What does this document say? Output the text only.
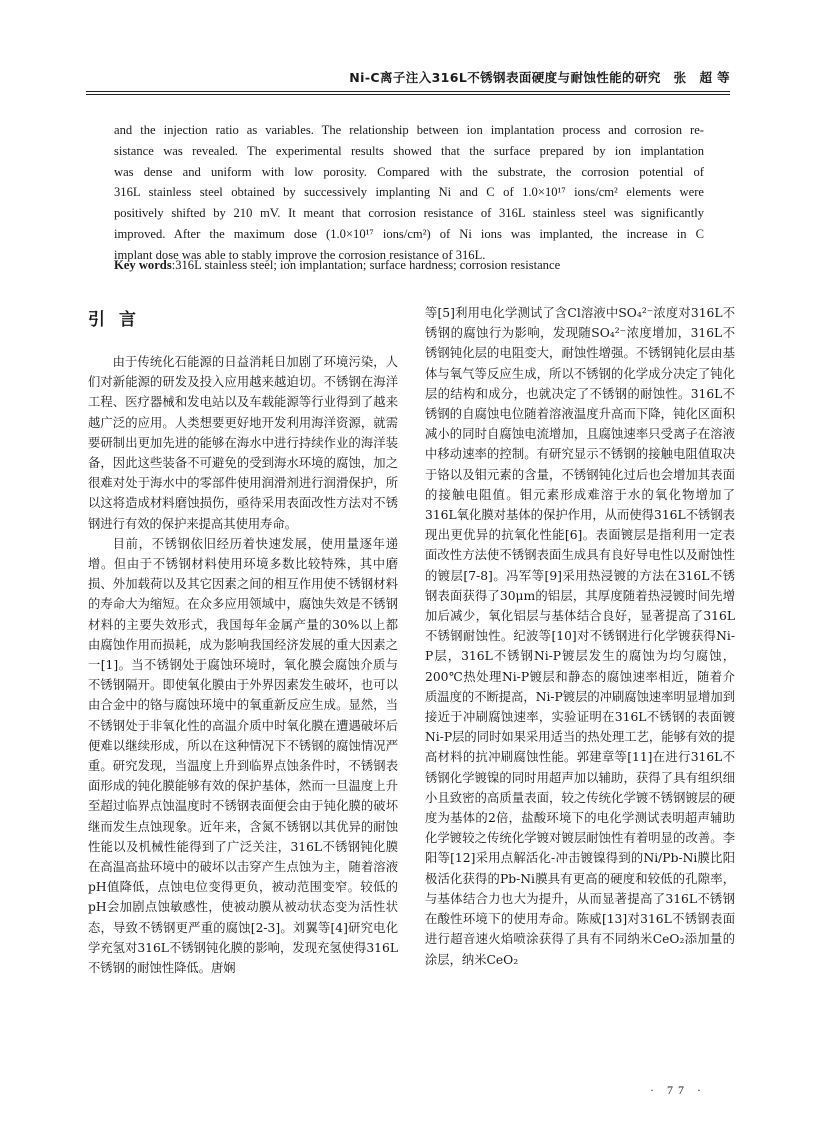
Ni-C离子注入316L不锈钢表面硬度与耐蚀性能的研究　张　超 等
and the injection ratio as variables. The relationship between ion implantation process and corrosion re-
sistance was revealed. The experimental results showed that the surface prepared by ion implantation
was dense and uniform with low porosity. Compared with the substrate, the corrosion potential of
316L stainless steel obtained by successively implanting Ni and C of 1.0×10¹⁷ ions/cm² elements were
positively shifted by 210 mV. It meant that corrosion resistance of 316L stainless steel was significantly
improved. After the maximum dose (1.0×10¹⁷ ions/cm²) of Ni ions was implanted, the increase in C
implant dose was able to stably improve the corrosion resistance of 316L.
Key words:316L stainless steel; ion implantation; surface hardness; corrosion resistance
引言

由于传统化石能源的日益消耗日加剧了环境污染，人们对新能源的研发及投入应用越来越迫切。不锈钢在海洋工程、医疗器械和发电站以及车载能源等行业得到了越来越广泛的应用。人类想要更好地开发利用海洋资源，就需要研制出更加先进的能够在海水中进行持续作业的海洋装备，因此这些装备不可避免的受到海水环境的腐蚀，加之很难对处于海水中的零部件使用润滑剂进行润滑保护，所以这将造成材料磨蚀损伤，亟待采用表面改性方法对不锈钢进行有效的保护来提高其使用寿命。

目前，不锈钢依旧经历着快速发展，使用量逐年递增。但由于不锈钢材料使用环境多数比较特殊，其中磨损、外加载荷以及其它因素之间的相互作用使不锈钢材料的寿命大为缩短。在众多应用领域中，腐蚀失效是不锈钢材料的主要失效形式，我国每年金属产量的30%以上都由腐蚀作用而损耗，成为影响我国经济发展的重大因素之一[1]。当不锈钢处于腐蚀环境时，氧化膜会腐蚀介质与不锈钢隔开。即使氧化膜由于外界因素发生破坏，也可以由合金中的铬与腐蚀环境中的氧重新反应生成。显然，当不锈钢处于非氧化性的高温介质中时氧化膜在遭遇破坏后便难以继续形成，所以在这种情况下不锈钢的腐蚀情况严重。研究发现，当温度上升到临界点蚀条件时，不锈钢表面形成的钝化膜能够有效的保护基体，然而一旦温度上升至超过临界点蚀温度时不锈钢表面便会由于钝化膜的破坏继而发生点蚀现象。近年来，含氮不锈钢以其优异的耐蚀性能以及机械性能得到了广泛关注，316L不锈钢钝化膜在高温高盐环境中的破坏以击穿产生点蚀为主，随着溶液pH值降低，点蚀电位变得更负，被动范围变窄。较低的pH会加剧点蚀敏感性，使被动膜从被动状态变为活性状态，导致不锈钢更严重的腐蚀[2-3]。刘翼等[4]研究电化学充氢对316L不锈钢钝化膜的影响，发现充氢使得316L不锈钢的耐蚀性降低。唐娴

等[5]利用电化学测试了含Cl溶液中SO₄²⁻浓度对316L不锈钢的腐蚀行为影响，发现随SO₄²⁻浓度增加，316L不锈钢钝化层的电阻变大，耐蚀性增强。不锈钢钝化层由基体与氧气等反应生成，所以不锈钢的化学成分决定了钝化层的结构和成分，也就决定了不锈钢的耐蚀性。316L不锈钢的自腐蚀电位随着溶液温度升高而下降，钝化区面积减小的同时自腐蚀电流增加，且腐蚀速率只受离子在溶液中移动速率的控制。有研究显示不锈钢的接触电阻值取决于铬以及钼元素的含量，不锈钢钝化过后也会增加其表面的接触电阻值。钼元素形成难溶于水的氧化物增加了316L氧化膜对基体的保护作用，从而使得316L不锈钢表现出更优异的抗氧化性能[6]。表面镀层是指利用一定表面改性方法使不锈钢表面生成具有良好导电性以及耐蚀性的镀层[7-8]。冯军等[9]采用热浸镀的方法在316L不锈钢表面获得了30μm的铝层，其厚度随着热浸镀时间先增加后减少，氧化铝层与基体结合良好，显著提高了316L不锈钢耐蚀性。纪波等[10]对不锈钢进行化学镀获得Ni-P层，316L不锈钢Ni-P镀层发生的腐蚀为均匀腐蚀，200℃热处理Ni-P镀层和静态的腐蚀速率相近，随着介质温度的不断提高，Ni-P镀层的冲刷腐蚀速率明显增加到接近于冲刷腐蚀速率，实验证明在316L不锈钢的表面镀Ni-P层的同时如果采用适当的热处理工艺，能够有效的提高材料的抗冲刷腐蚀性能。郭建章等[11]在进行316L不锈钢化学镀镍的同时用超声加以辅助，获得了具有组织细小且致密的高质量表面，较之传统化学镀不锈钢镀层的硬度为基体的2倍，盐酸环境下的电化学测试表明超声辅助化学镀较之传统化学镀对镀层耐蚀性有着明显的改善。李阳等[12]采用点解活化-冲击镀镍得到的Ni/Pb-Ni膜比阳极活化获得的Pb-Ni膜具有更高的硬度和较低的孔隙率，与基体结合力也大为提升，从而显著提高了316L不锈钢在酸性环境下的使用寿命。陈威[13]对316L不锈钢表面进行超音速火焰喷涂获得了具有不同纳米CeO₂添加量的涂层，纳米CeO₂

· 77 ·
